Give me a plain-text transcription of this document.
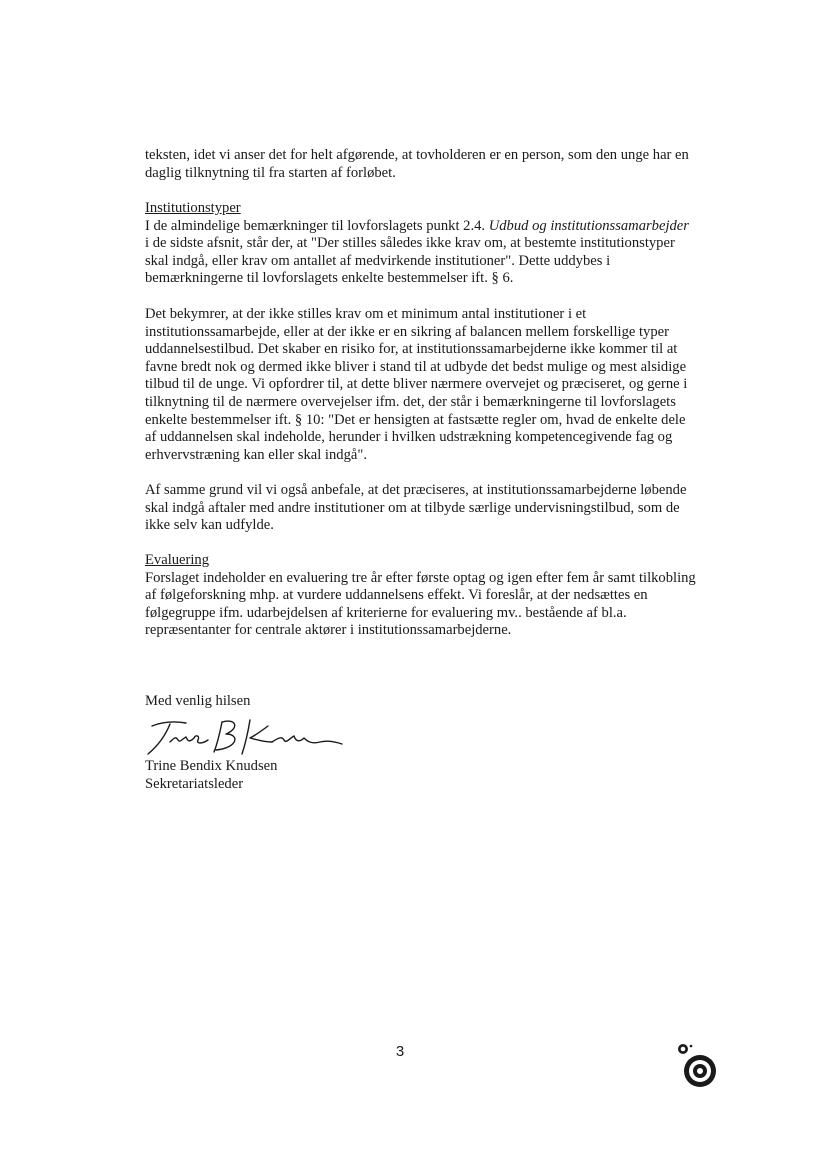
teksten, idet vi anser det for helt afgørende, at tovholderen er en person, som den unge har en
daglig tilknytning til fra starten af forløbet.
Institutionstyper
I de almindelige bemærkninger til lovforslagets punkt 2.4. Udbud og institutionssamarbejder
i de sidste afsnit, står der, at "Der stilles således ikke krav om, at bestemte institutionstyper
skal indgå, eller krav om antallet af medvirkende institutioner". Dette uddybes i
bemærkningerne til lovforslagets enkelte bestemmelser ift. § 6.
Det bekymrer, at der ikke stilles krav om et minimum antal institutioner i et
institutionssamarbejde, eller at der ikke er en sikring af balancen mellem forskellige typer
uddannelsestilbud. Det skaber en risiko for, at institutionssamarbejderne ikke kommer til at
favne bredt nok og dermed ikke bliver i stand til at udbyde det bedst mulige og mest alsidige
tilbud til de unge. Vi opfordrer til, at dette bliver nærmere overvejet og præciseret, og gerne i
tilknytning til de nærmere overvejelser ifm. det, der står i bemærkningerne til lovforslagets
enkelte bestemmelser ift. § 10: "Det er hensigten at fastsætte regler om, hvad de enkelte dele
af uddannelsen skal indeholde, herunder i hvilken udstrækning kompetencegivende fag og
erhvervstræning kan eller skal indgå".
Af samme grund vil vi også anbefale, at det præciseres, at institutionssamarbejderne løbende
skal indgå aftaler med andre institutioner om at tilbyde særlige undervisningstilbud, som de
ikke selv kan udfylde.
Evaluering
Forslaget indeholder en evaluering tre år efter første optag og igen efter fem år samt tilkobling
af følgeforskning mhp. at vurdere uddannelsens effekt. Vi foreslår, at der nedsættes en
følgegruppe ifm. udarbejdelsen af kriterierne for evaluering mv.. bestående af bl.a.
repræsentanter for centrale aktører i institutionssamarbejderne.
Med venlig hilsen
Trine Bendix Knudsen
Sekretariatsleder
3
